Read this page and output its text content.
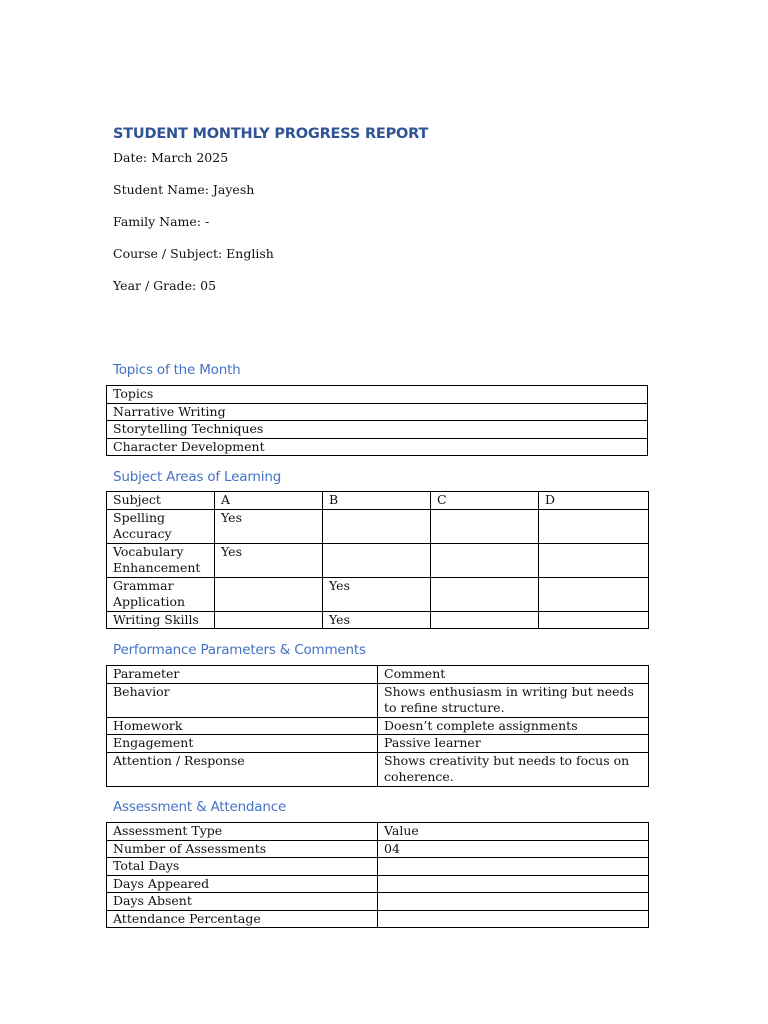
STUDENT MONTHLY PROGRESS REPORT
Date: March 2025
Student Name: Jayesh
Family Name: -
Course / Subject: English
Year / Grade: 05
Topics of the Month
Topics
Narrative Writing
Storytelling Techniques
Character Development
Subject Areas of Learning
Subject	A	B	C	D
Spelling Accuracy	Yes			
Vocabulary Enhancement	Yes			
Grammar Application		Yes		
Writing Skills		Yes		
Performance Parameters & Comments
Parameter	Comment
Behavior	Shows enthusiasm in writing but needs to refine structure.
Homework	Doesn’t complete assignments
Engagement	Passive learner
Attention / Response	Shows creativity but needs to focus on coherence.
Assessment & Attendance
Assessment Type	Value
Number of Assessments	04
Total Days	
Days Appeared	
Days Absent	
Attendance Percentage	
